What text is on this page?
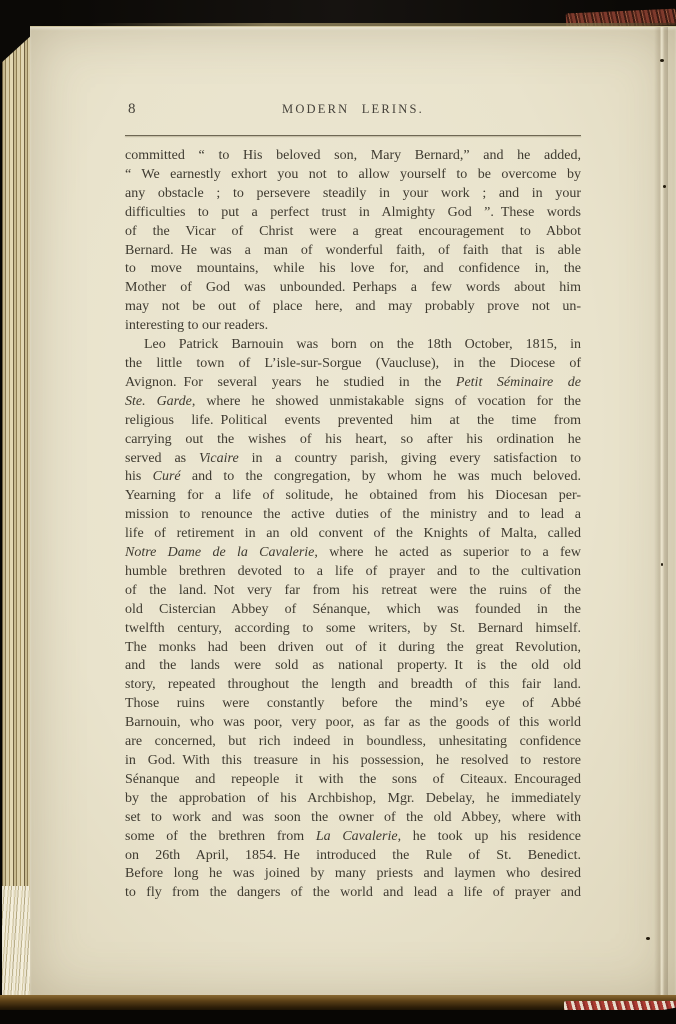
8	MODERN LERINS.
committed “ to His beloved son, Mary Bernard,” and he added,
“ We earnestly exhort you not to allow yourself to be overcome by
any obstacle ; to persevere steadily in your work ; and in your
difficulties to put a perfect trust in Almighty God ”. These words
of the Vicar of Christ were a great encouragement to Abbot
Bernard. He was a man of wonderful faith, of faith that is able
to move mountains, while his love for, and confidence in, the
Mother of God was unbounded. Perhaps a few words about him
may not be out of place here, and may probably prove not un-
interesting to our readers.
Leo Patrick Barnouin was born on the 18th October, 1815, in
the little town of L’isle-sur-Sorgue (Vaucluse), in the Diocese of
Avignon. For several years he studied in the Petit Séminaire de
Ste. Garde, where he showed unmistakable signs of vocation for the
religious life. Political events prevented him at the time from
carrying out the wishes of his heart, so after his ordination he
served as Vicaire in a country parish, giving every satisfaction to
his Curé and to the congregation, by whom he was much beloved.
Yearning for a life of solitude, he obtained from his Diocesan per-
mission to renounce the active duties of the ministry and to lead a
life of retirement in an old convent of the Knights of Malta, called
Notre Dame de la Cavalerie, where he acted as superior to a few
humble brethren devoted to a life of prayer and to the cultivation
of the land. Not very far from his retreat were the ruins of the
old Cistercian Abbey of Sénanque, which was founded in the
twelfth century, according to some writers, by St. Bernard himself.
The monks had been driven out of it during the great Revolution,
and the lands were sold as national property. It is the old old
story, repeated throughout the length and breadth of this fair land.
Those ruins were constantly before the mind’s eye of Abbé
Barnouin, who was poor, very poor, as far as the goods of this world
are concerned, but rich indeed in boundless, unhesitating confidence
in God. With this treasure in his possession, he resolved to restore
Sénanque and repeople it with the sons of Citeaux. Encouraged
by the approbation of his Archbishop, Mgr. Debelay, he immediately
set to work and was soon the owner of the old Abbey, where with
some of the brethren from La Cavalerie, he took up his residence
on 26th April, 1854. He introduced the Rule of St. Benedict.
Before long he was joined by many priests and laymen who desired
to fly from the dangers of the world and lead a life of prayer and
